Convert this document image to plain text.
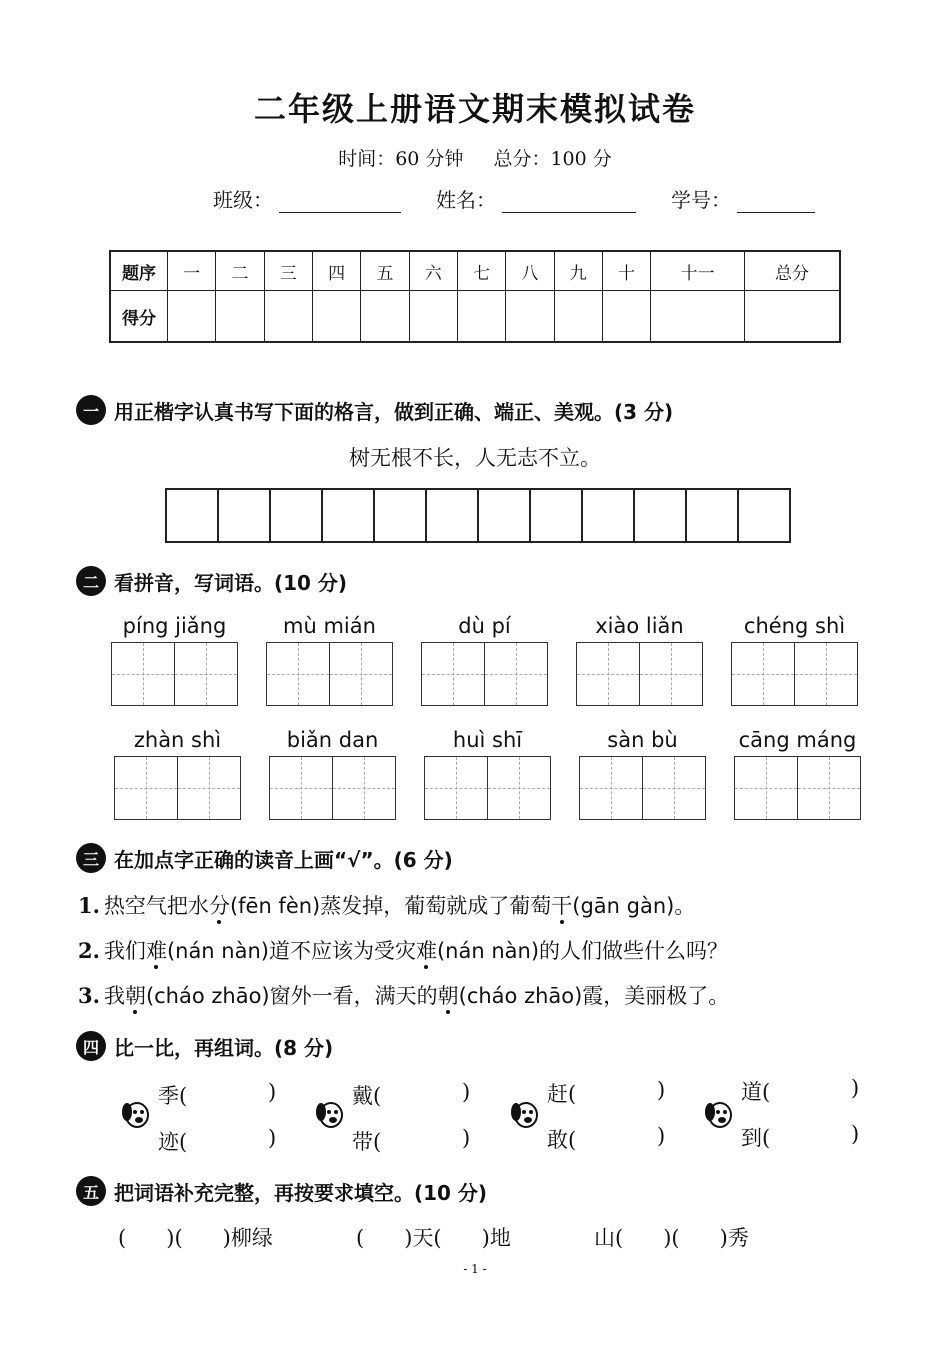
二年级上册语文期末模拟试卷
时间：60 分钟 总分：100 分
班级：	姓名：	学号：
题序	一	二	三	四	五	六	七	八	九	十	十一	总分
得分												
一 用正楷字认真书写下面的格言，做到正确、端正、美观。(3 分)
树无根不长，人无志不立。
二 看拼音，写词语。(10 分)
píng jiǎng	mù mián	dù pí	xiào liǎn	chéng shì
zhàn shì	biǎn dan	huì shī	sàn bù	cāng máng
三 在加点字正确的读音上画“√”。(6 分)
1. 热空气把水分(fēn fèn)蒸发掉，葡萄就成了葡萄干(gān gàn)。
2. 我们难(nán nàn)道不应该为受灾难(nán nàn)的人们做些什么吗？
3. 我朝(cháo zhāo)窗外一看，满天的朝(cháo zhāo)霞，美丽极了。
四 比一比，再组词。(8 分)
季(	)
迹(	)
戴(	)
带(	)
赶(	)
敢(	)
道(	)
到(	)
五 把词语补充完整，再按要求填空。(10 分)
(      )(      )柳绿	(      )天(      )地	山(      )(      )秀
- 1 -
